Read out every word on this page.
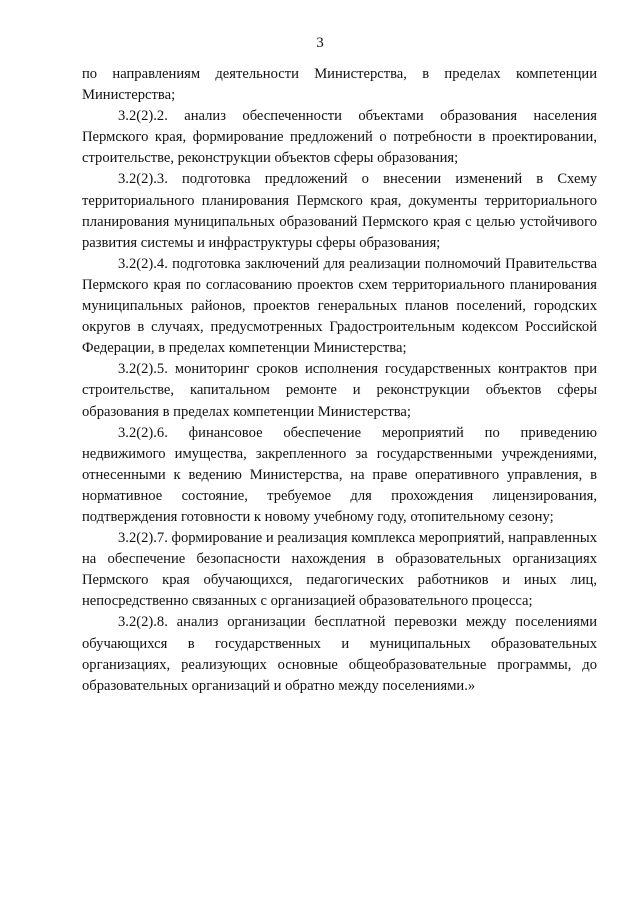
3

по направлениям деятельности Министерства, в пределах компетенции Министерства;

3.2(2).2. анализ обеспеченности объектами образования населения Пермского края, формирование предложений о потребности в проектировании, строительстве, реконструкции объектов сферы образования;

3.2(2).3. подготовка предложений о внесении изменений в Схему территориального планирования Пермского края, документы территориального планирования муниципальных образований Пермского края с целью устойчивого развития системы и инфраструктуры сферы образования;

3.2(2).4. подготовка заключений для реализации полномочий Правительства Пермского края по согласованию проектов схем территориального планирования муниципальных районов, проектов генеральных планов поселений, городских округов в случаях, предусмотренных Градостроительным кодексом Российской Федерации, в пределах компетенции Министерства;

3.2(2).5. мониторинг сроков исполнения государственных контрактов при строительстве, капитальном ремонте и реконструкции объектов сферы образования в пределах компетенции Министерства;

3.2(2).6. финансовое обеспечение мероприятий по приведению недвижимого имущества, закрепленного за государственными учреждениями, отнесенными к ведению Министерства, на праве оперативного управления, в нормативное состояние, требуемое для прохождения лицензирования, подтверждения готовности к новому учебному году, отопительному сезону;

3.2(2).7. формирование и реализация комплекса мероприятий, направленных на обеспечение безопасности нахождения в образовательных организациях Пермского края обучающихся, педагогических работников и иных лиц, непосредственно связанных с организацией образовательного процесса;

3.2(2).8. анализ организации бесплатной перевозки между поселениями обучающихся в государственных и муниципальных образовательных организациях, реализующих основные общеобразовательные программы, до образовательных организаций и обратно между поселениями.»
